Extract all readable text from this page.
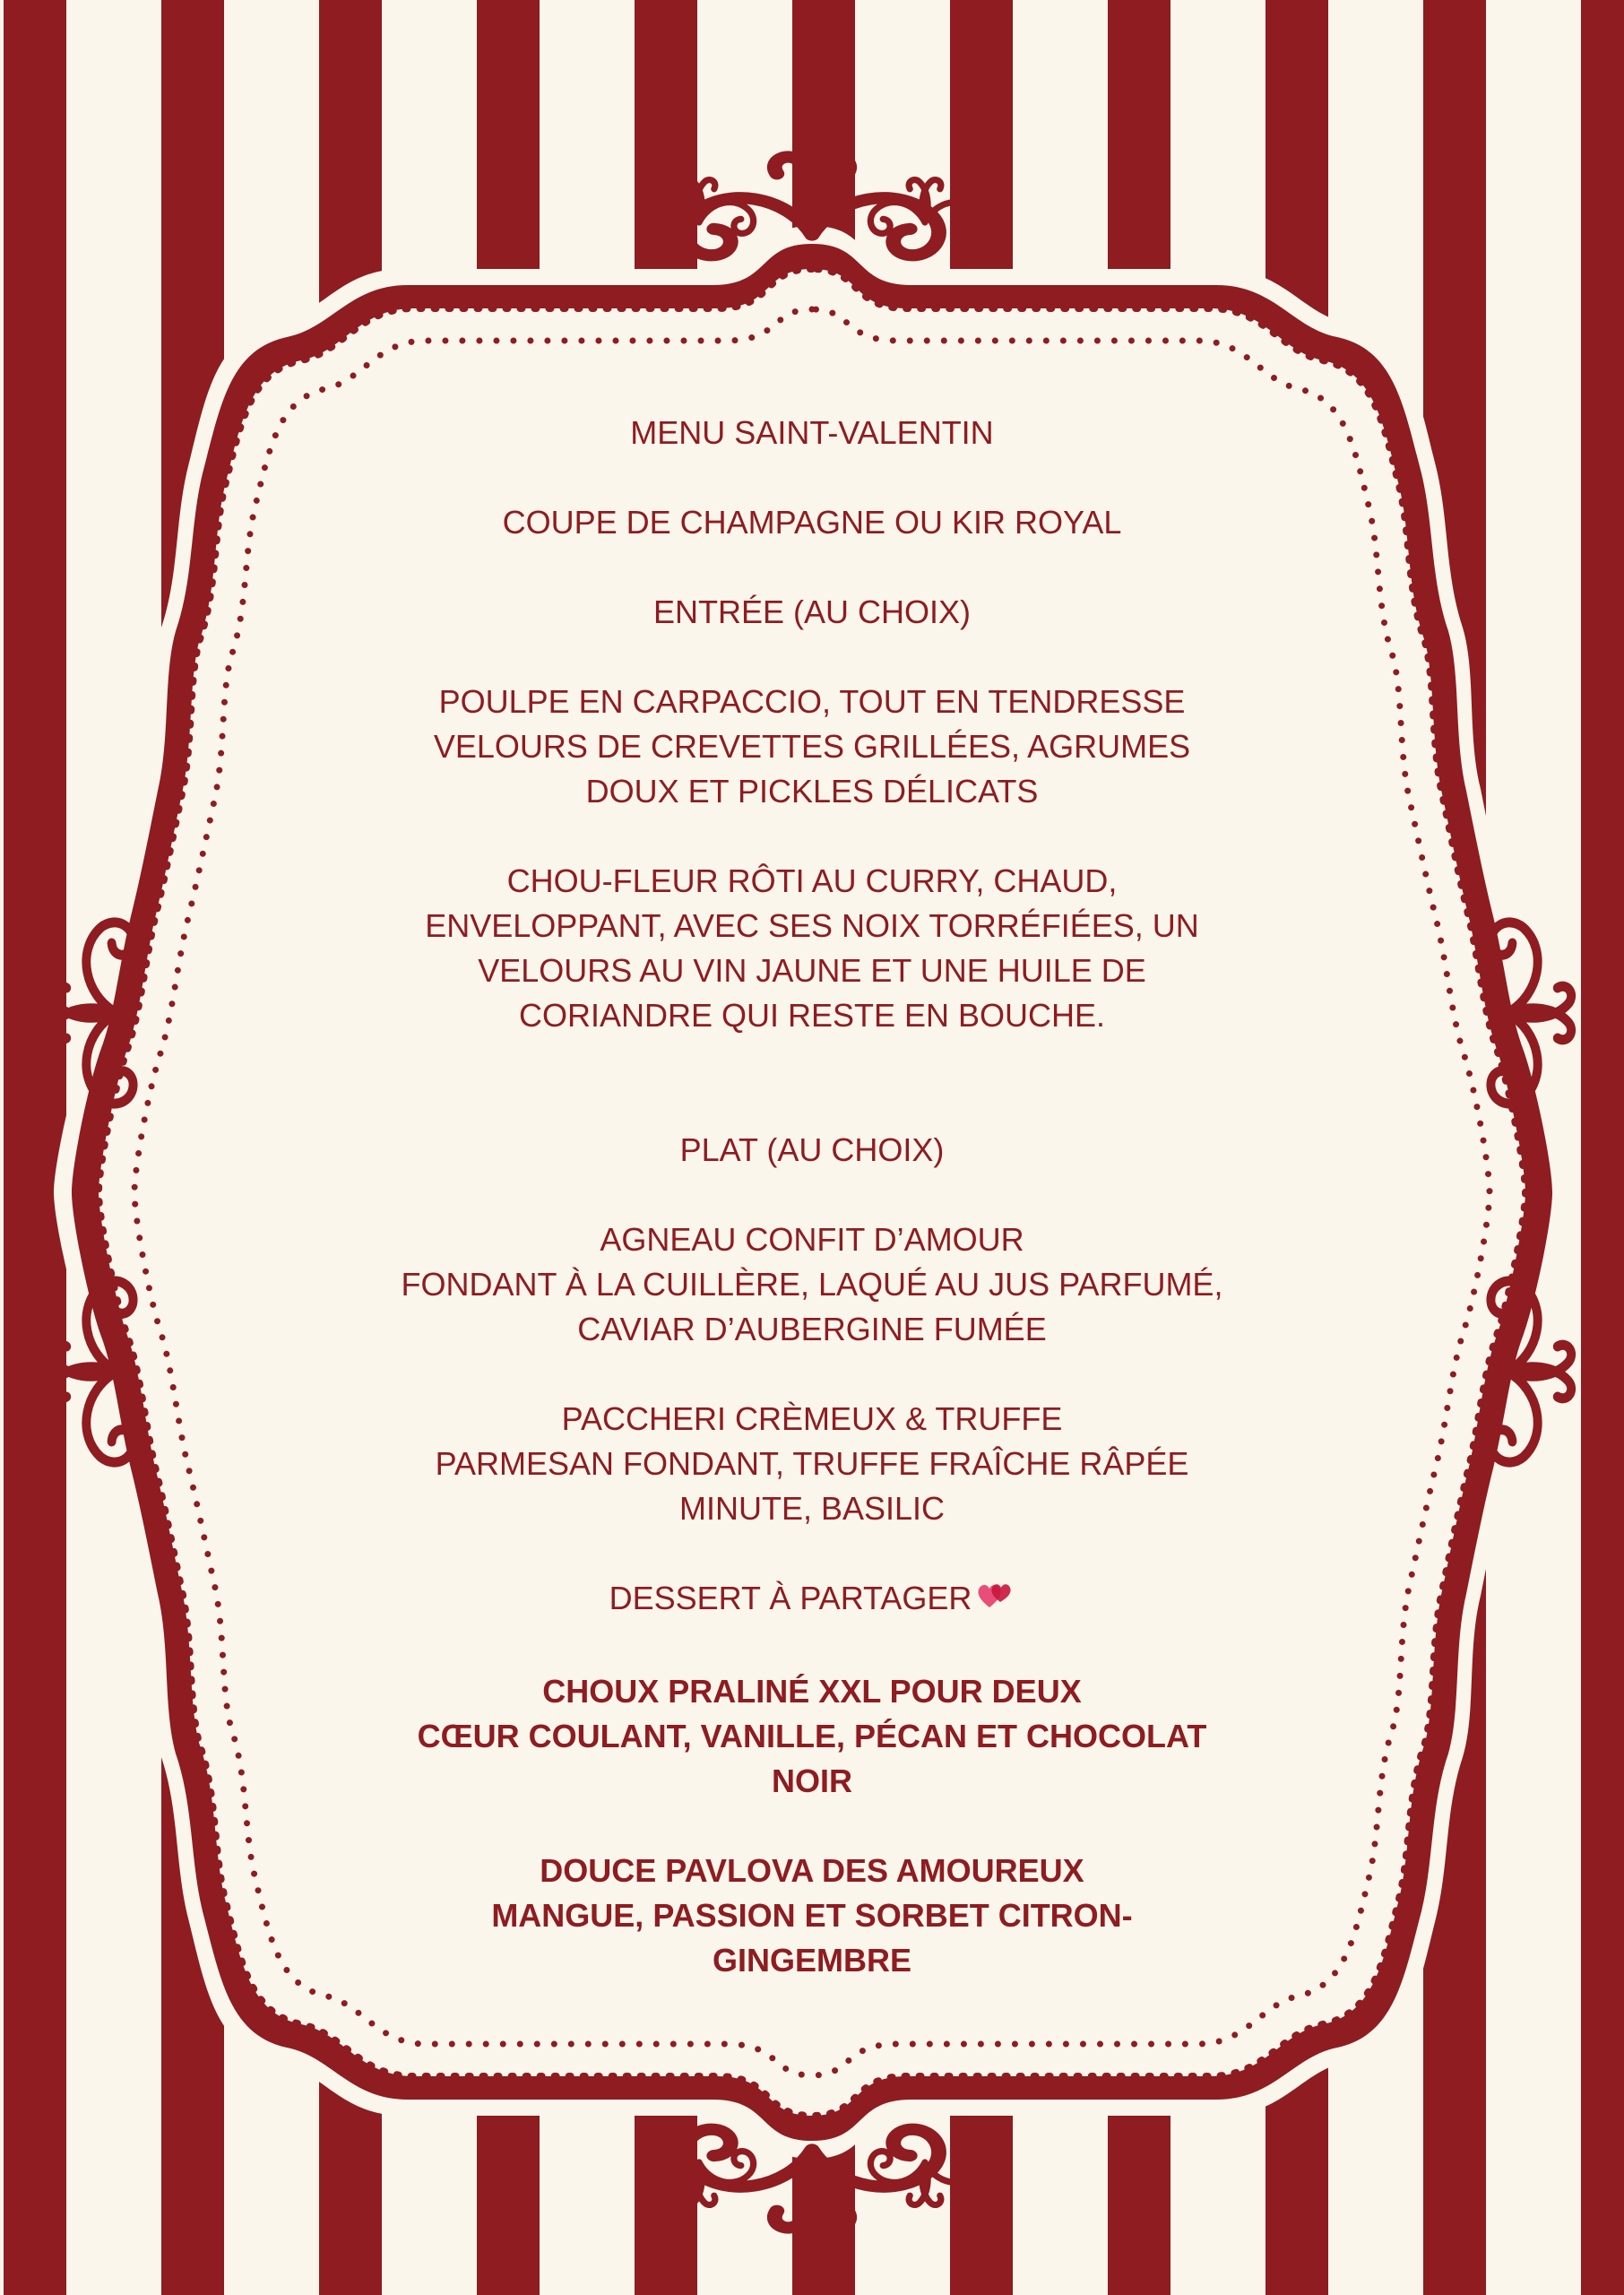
MENU SAINT-VALENTIN

COUPE DE CHAMPAGNE OU KIR ROYAL

ENTRÉE (AU CHOIX)

POULPE EN CARPACCIO, TOUT EN TENDRESSE
VELOURS DE CREVETTES GRILLÉES, AGRUMES
DOUX ET PICKLES DÉLICATS

CHOU-FLEUR RÔTI AU CURRY, CHAUD,
ENVELOPPANT, AVEC SES NOIX TORRÉFIÉES, UN
VELOURS AU VIN JAUNE ET UNE HUILE DE
CORIANDRE QUI RESTE EN BOUCHE.

PLAT (AU CHOIX)

AGNEAU CONFIT D’AMOUR
FONDANT À LA CUILLÈRE, LAQUÉ AU JUS PARFUMÉ,
CAVIAR D’AUBERGINE FUMÉE

PACCHERI CRÈMEUX & TRUFFE
PARMESAN FONDANT, TRUFFE FRAÎCHE RÂPÉE
MINUTE, BASILIC

DESSERT À PARTAGER

CHOUX PRALINÉ XXL POUR DEUX
CŒUR COULANT, VANILLE, PÉCAN ET CHOCOLAT
NOIR

DOUCE PAVLOVA DES AMOUREUX
MANGUE, PASSION ET SORBET CITRON-
GINGEMBRE
